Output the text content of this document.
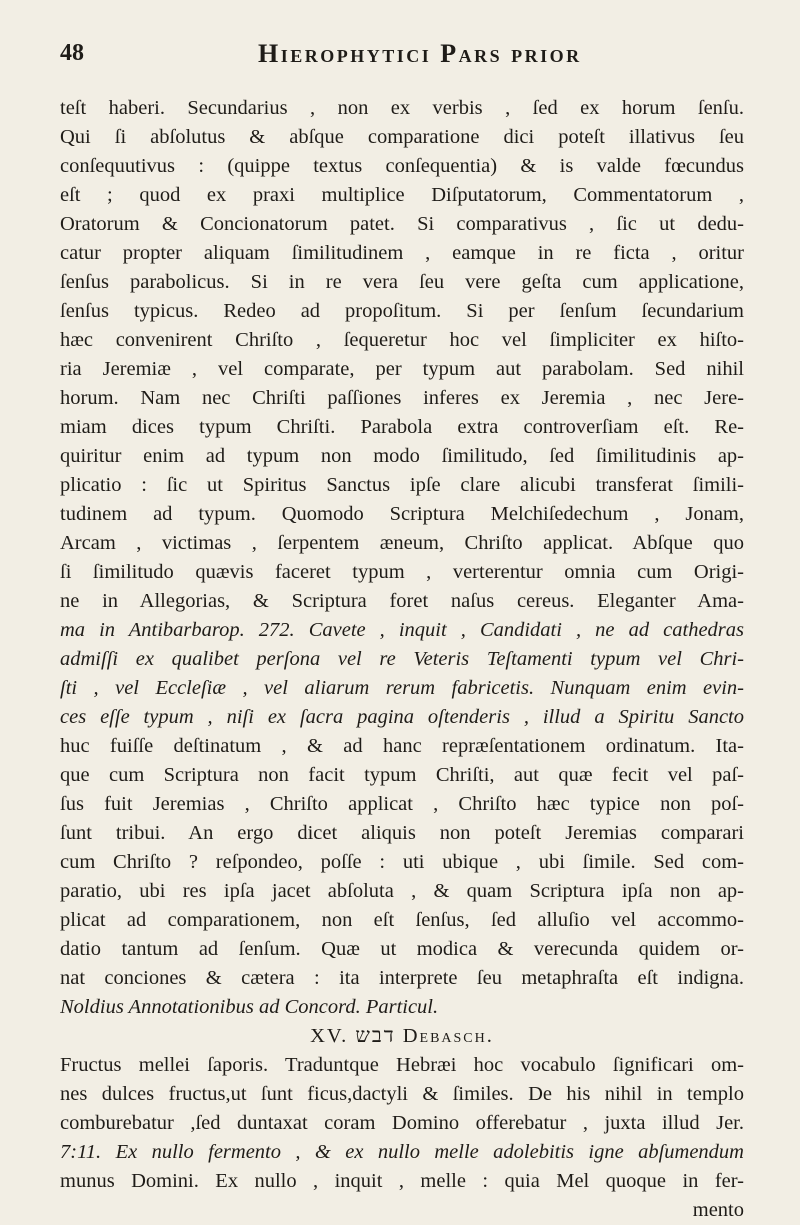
48	Hierophytici Pars prior
teſt haberi. Secundarius , non ex verbis , ſed ex horum ſenſu.
Qui ſi abſolutus & abſque comparatione dici poteſt illativus ſeu
conſequutivus : (quippe textus conſequentia) & is valde fœcundus
eſt ; quod ex praxi multiplice Diſputatorum, Commentatorum ,
Oratorum & Concionatorum patet. Si comparativus , ſic ut dedu-
catur propter aliquam ſimilitudinem , eamque in re ficta , oritur
ſenſus parabolicus. Si in re vera ſeu vere geſta cum applicatione,
ſenſus typicus. Redeo ad propoſitum. Si per ſenſum ſecundarium
hæc convenirent Chriſto , ſequeretur hoc vel ſimpliciter ex hiſto-
ria Jeremiæ , vel comparate, per typum aut parabolam. Sed nihil
horum. Nam nec Chriſti paſſiones inferes ex Jeremia , nec Jere-
miam dices typum Chriſti. Parabola extra controverſiam eſt. Re-
quiritur enim ad typum non modo ſimilitudo, ſed ſimilitudinis ap-
plicatio : ſic ut Spiritus Sanctus ipſe clare alicubi transferat ſimili-
tudinem ad typum. Quomodo Scriptura Melchiſedechum , Jonam,
Arcam , victimas , ſerpentem æneum, Chriſto applicat. Abſque quo
ſi ſimilitudo quævis faceret typum , verterentur omnia cum Origi-
ne in Allegorias, & Scriptura foret naſus cereus. Eleganter Ama-
ma in Antibarbarop. 272. Cavete , inquit , Candidati , ne ad cathedras
admiſſi ex qualibet perſona vel re Veteris Teſtamenti typum vel Chri-
ſti , vel Eccleſiæ , vel aliarum rerum fabricetis. Nunquam enim evin-
ces eſſe typum , niſi ex ſacra pagina oſtenderis , illud a Spiritu Sancto
huc fuiſſe deſtinatum , & ad hanc repræſentationem ordinatum. Ita-
que cum Scriptura non facit typum Chriſti, aut quæ fecit vel paſ-
ſus fuit Jeremias , Chriſto applicat , Chriſto hæc typice non poſ-
ſunt tribui. An ergo dicet aliquis non poteſt Jeremias comparari
cum Chriſto ? reſpondeo, poſſe : uti ubique , ubi ſimile. Sed com-
paratio, ubi res ipſa jacet abſoluta , & quam Scriptura ipſa non ap-
plicat ad comparationem, non eſt ſenſus, ſed alluſio vel accommo-
datio tantum ad ſenſum. Quæ ut modica & verecunda quidem or-
nat conciones & cætera : ita interprete ſeu metaphraſta eſt indigna.
Noldius Annotationibus ad Concord. Particul.
XV. דבש Debasch.
Fructus mellei ſaporis. Traduntque Hebræi hoc vocabulo ſignificari om-
nes dulces fructus,ut ſunt ficus,dactyli & ſimiles. De his nihil in templo
comburebatur ,ſed duntaxat coram Domino offerebatur , juxta illud Jer.
7:11. Ex nullo fermento , & ex nullo melle adolebitis igne abſumendum
munus Domini. Ex nullo , inquit , melle : quia Mel quoque in fer-
mento
